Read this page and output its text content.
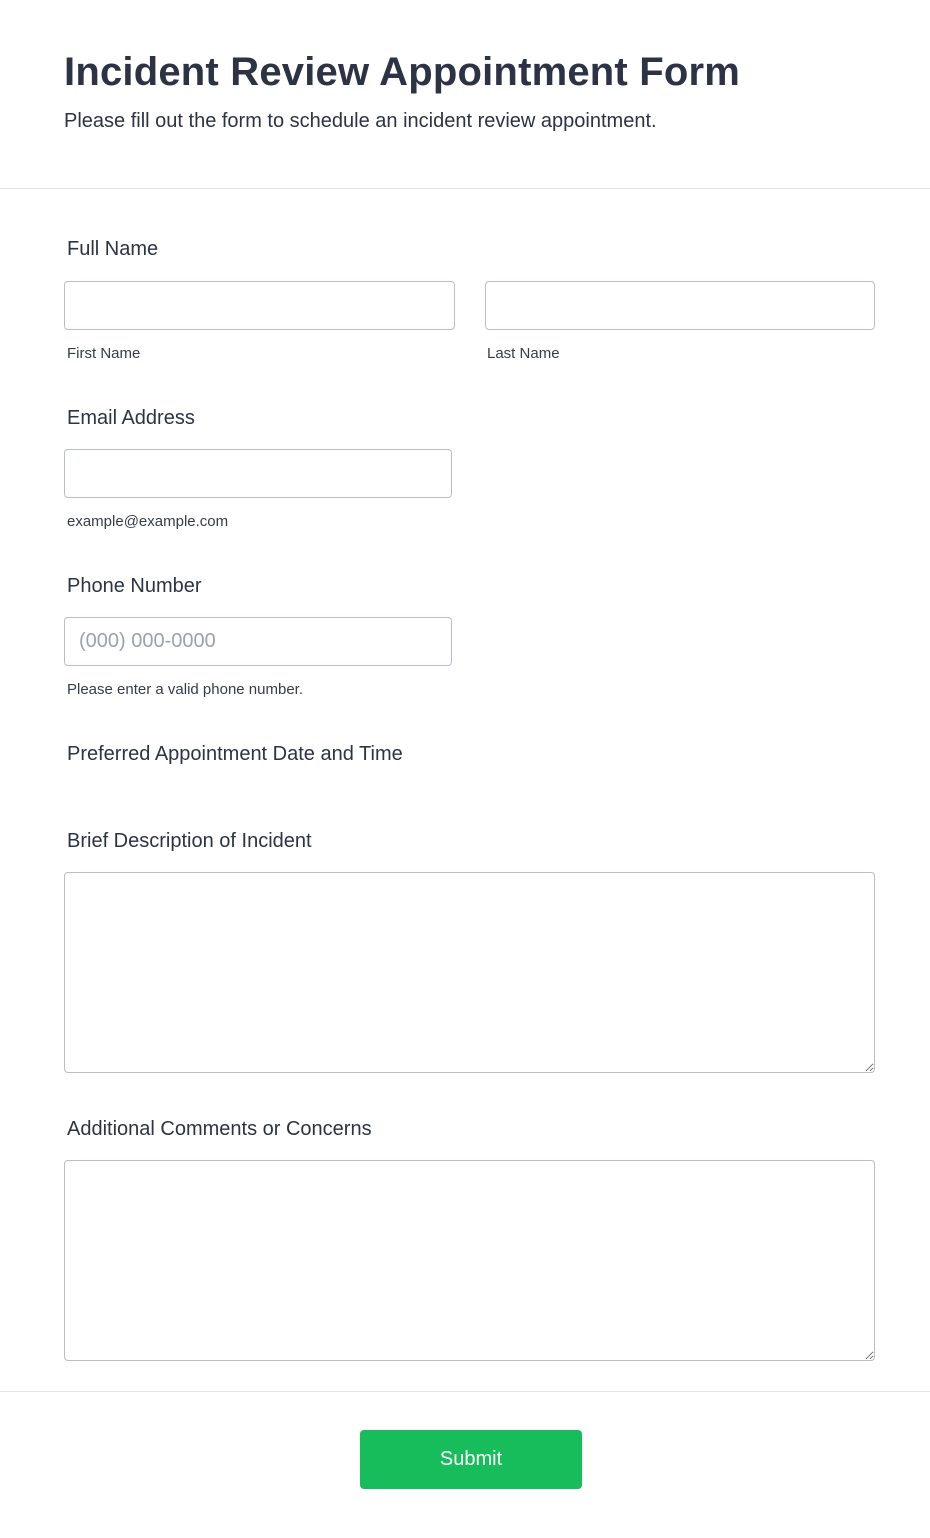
Incident Review Appointment Form

Please fill out the form to schedule an incident review appointment.

Full Name
First Name	Last Name
Email Address
example@example.com
Phone Number
(000) 000-0000
Please enter a valid phone number.
Preferred Appointment Date and Time
Brief Description of Incident
Additional Comments or Concerns
Submit
